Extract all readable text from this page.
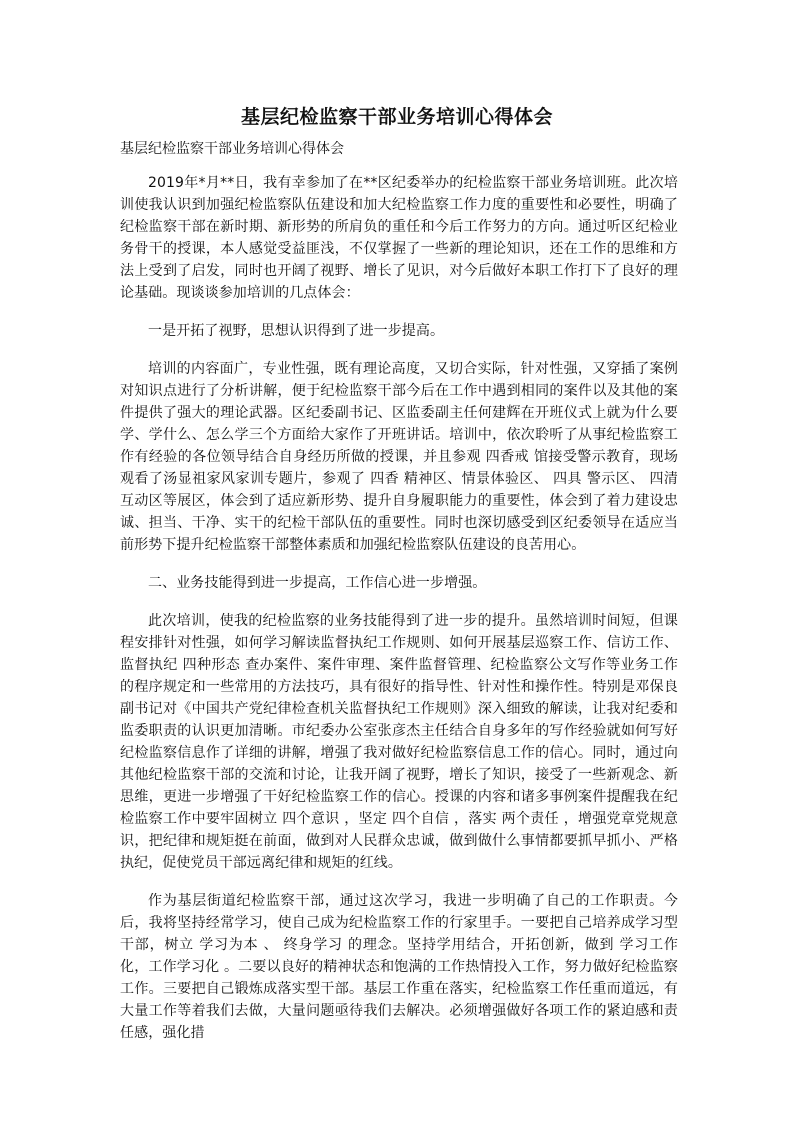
基层纪检监察干部业务培训心得体会
基层纪检监察干部业务培训心得体会

2019年*月**日，我有幸参加了在**区纪委举办的纪检监察干部业务培训班。此次培训使我认识到加强纪检监察队伍建设和加大纪检监察工作力度的重要性和必要性，明确了纪检监察干部在新时期、新形势的所肩负的重任和今后工作努力的方向。通过听区纪检业务骨干的授课，本人感觉受益匪浅，不仅掌握了一些新的理论知识，还在工作的思维和方法上受到了启发，同时也开阔了视野、增长了见识，对今后做好本职工作打下了良好的理论基础。现谈谈参加培训的几点体会：

一是开拓了视野，思想认识得到了进一步提高。

培训的内容面广，专业性强，既有理论高度，又切合实际，针对性强，又穿插了案例对知识点进行了分析讲解，便于纪检监察干部今后在工作中遇到相同的案件以及其他的案件提供了强大的理论武器。区纪委副书记、区监委副主任何建辉在开班仪式上就为什么要学、学什么、怎么学三个方面给大家作了开班讲话。培训中，依次聆听了从事纪检监察工作有经验的各位领导结合自身经历所做的授课，并且参观 四香戒 馆接受警示教育，现场观看了汤显祖家风家训专题片，参观了 四香 精神区、情景体验区、 四具 警示区、 四清 互动区等展区，体会到了适应新形势、提升自身履职能力的重要性，体会到了着力建设忠诚、担当、干净、实干的纪检干部队伍的重要性。同时也深切感受到区纪委领导在适应当前形势下提升纪检监察干部整体素质和加强纪检监察队伍建设的良苦用心。

二、业务技能得到进一步提高，工作信心进一步增强。

此次培训，使我的纪检监察的业务技能得到了进一步的提升。虽然培训时间短，但课程安排针对性强，如何学习解读监督执纪工作规则、如何开展基层巡察工作、信访工作、监督执纪 四种形态 查办案件、案件审理、案件监督管理、纪检监察公文写作等业务工作的程序规定和一些常用的方法技巧，具有很好的指导性、针对性和操作性。特别是邓保良副书记对《中国共产党纪律检查机关监督执纪工作规则》深入细致的解读，让我对纪委和监委职责的认识更加清晰。市纪委办公室张彦杰主任结合自身多年的写作经验就如何写好纪检监察信息作了详细的讲解，增强了我对做好纪检监察信息工作的信心。同时，通过向其他纪检监察干部的交流和讨论，让我开阔了视野，增长了知识，接受了一些新观念、新思维，更进一步增强了干好纪检监察工作的信心。授课的内容和诸多事例案件提醒我在纪检监察工作中要牢固树立 四个意识 ，坚定 四个自信 ，落实 两个责任 ，增强党章党规意识，把纪律和规矩挺在前面，做到对人民群众忠诚，做到做什么事情都要抓早抓小、严格执纪，促使党员干部远离纪律和规矩的红线。

作为基层街道纪检监察干部，通过这次学习，我进一步明确了自己的工作职责。今后，我将坚持经常学习，使自己成为纪检监察工作的行家里手。一要把自己培养成学习型干部，树立 学习为本 、 终身学习 的理念。坚持学用结合，开拓创新，做到 学习工作化，工作学习化 。二要以良好的精神状态和饱满的工作热情投入工作，努力做好纪检监察工作。三要把自己锻炼成落实型干部。基层工作重在落实，纪检监察工作任重而道远，有大量工作等着我们去做，大量问题亟待我们去解决。必须增强做好各项工作的紧迫感和责任感，强化措
